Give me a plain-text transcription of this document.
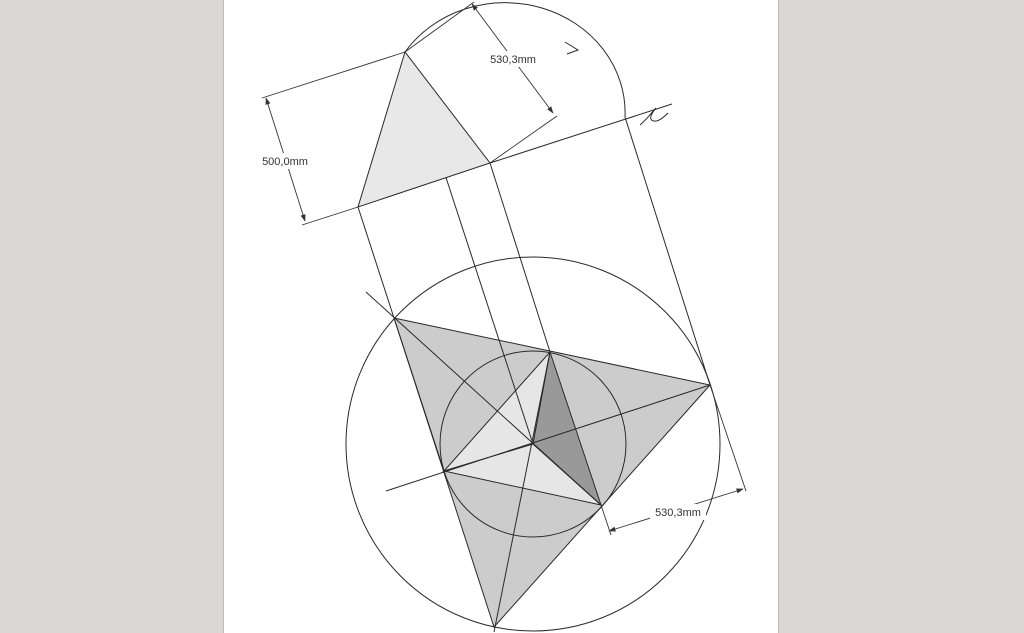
530,3mm
500,0mm
530,3mm
